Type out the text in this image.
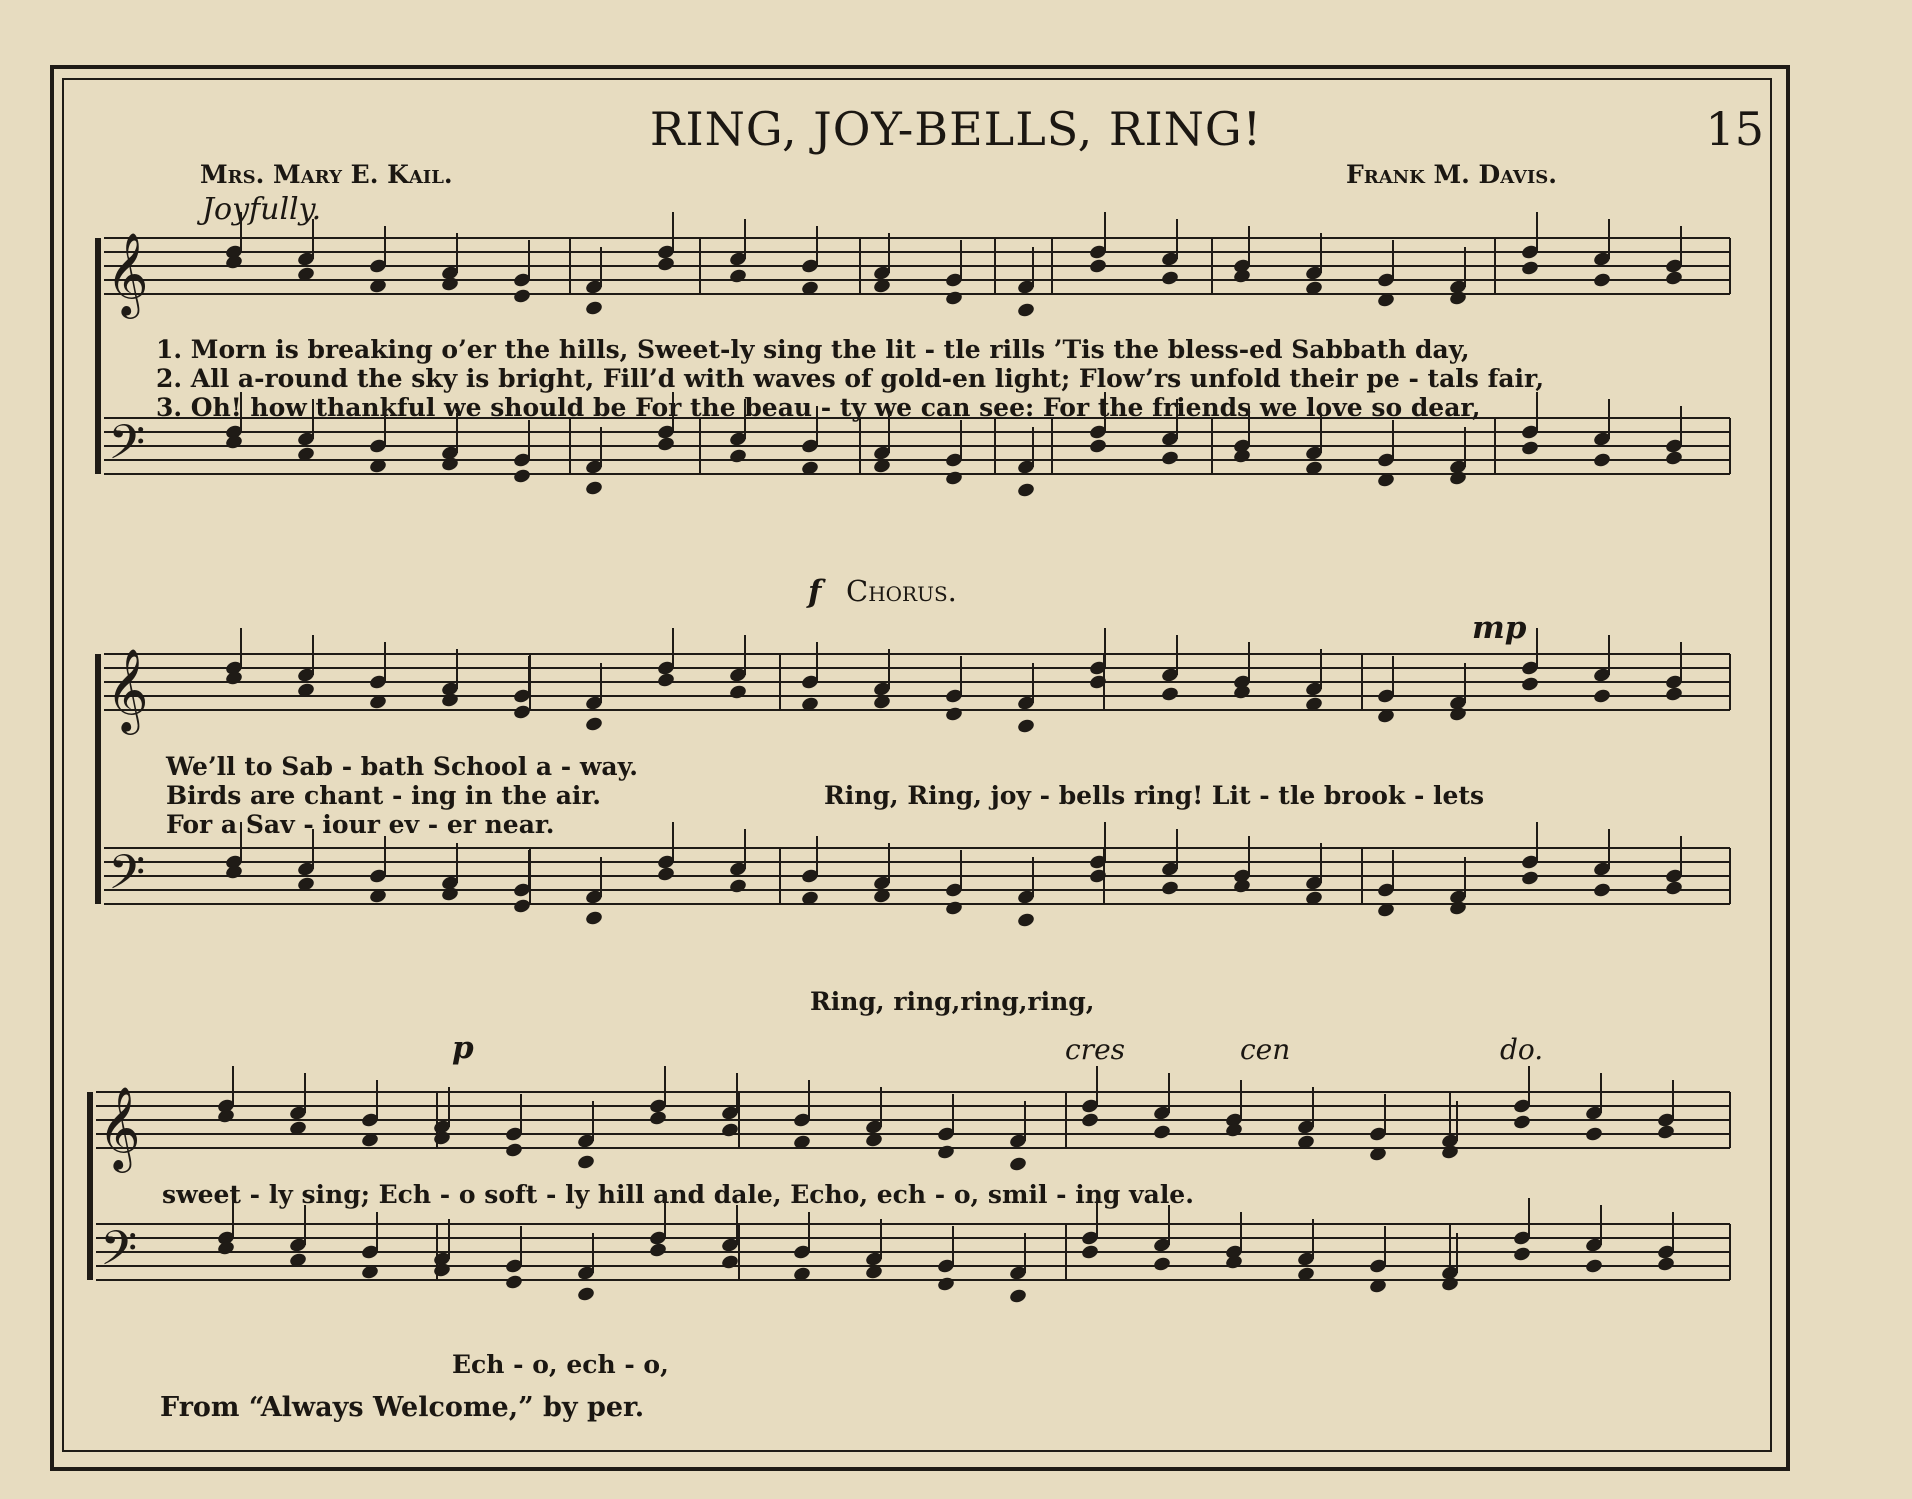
RING, JOY-BELLS, RING!	15
Mrs. Mary E. Kail.	Frank M. Davis.
Joyfully.
1. Morn is breaking o’er the hills, Sweet-ly sing the lit - tle rills ’Tis the bless-ed Sabbath day,
2. All a-round the sky is bright, Fill’d with waves of gold-en light; Flow’rs unfold their pe - tals fair,
3. Oh! how thankful we should be For the beau - ty we can see: For the friends we love so dear,
f Chorus.
mp
We’ll to Sab - bath School a - way.
Birds are chant - ing in the air.
For a Sav - iour ev - er near.
Ring, Ring, joy - bells ring! Lit - tle brook - lets
Ring, ring,ring,ring,
p	cres	cen	do.
sweet - ly sing; Ech - o soft - ly hill and dale, Echo, ech - o, smil - ing vale.
Ech - o, ech - o,
From “Always Welcome,” by per.
𝄞
𝄢
𝄞
𝄢
𝄞
𝄢
